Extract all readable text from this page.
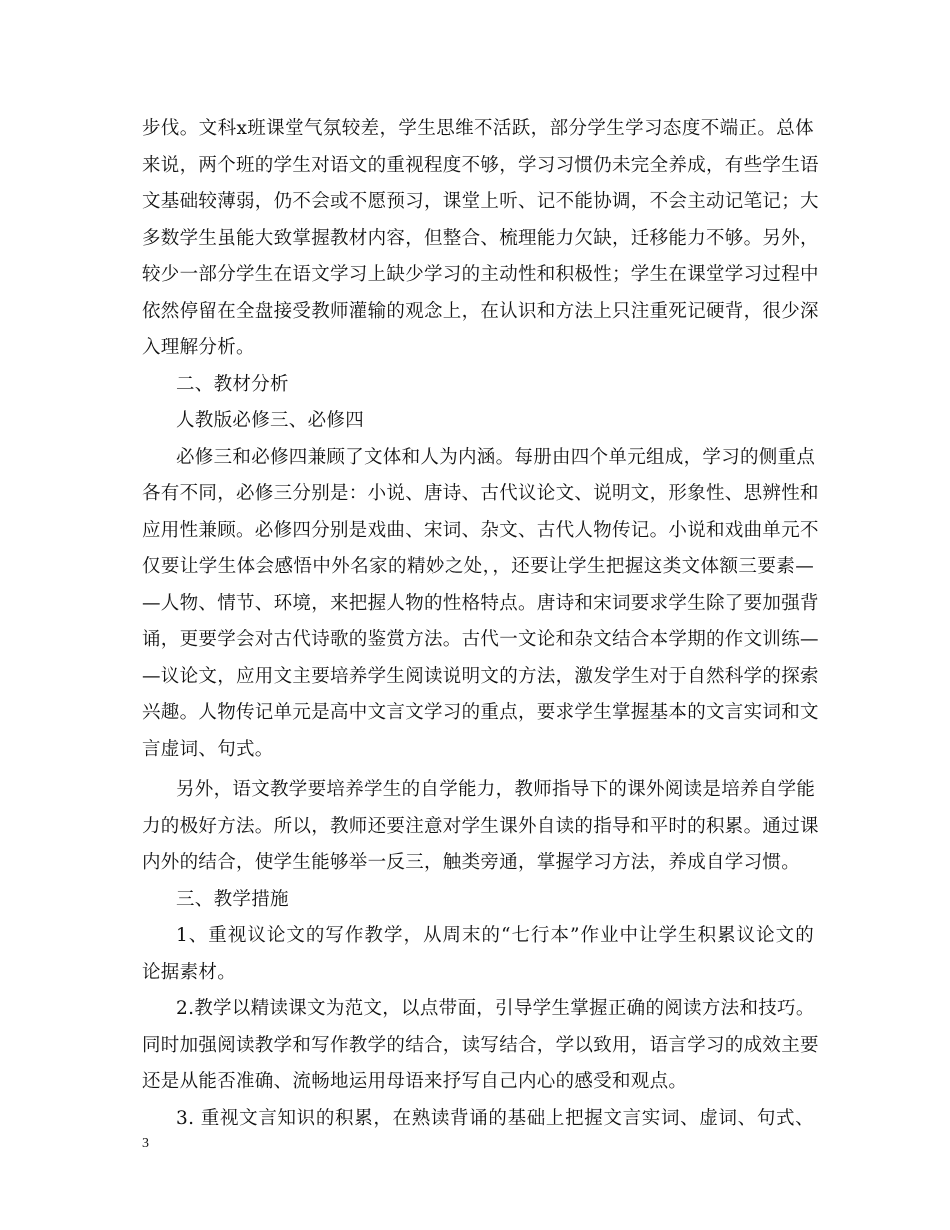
步伐。文科x班课堂气氛较差，学生思维不活跃，部分学生学习态度不端正。总体
来说，两个班的学生对语文的重视程度不够，学习习惯仍未完全养成，有些学生语
文基础较薄弱，仍不会或不愿预习，课堂上听、记不能协调，不会主动记笔记；大
多数学生虽能大致掌握教材内容，但整合、梳理能力欠缺，迁移能力不够。另外，
较少一部分学生在语文学习上缺少学习的主动性和积极性；学生在课堂学习过程中
依然停留在全盘接受教师灌输的观念上，在认识和方法上只注重死记硬背，很少深
入理解分析。
二、教材分析
人教版必修三、必修四
必修三和必修四兼顾了文体和人为内涵。每册由四个单元组成，学习的侧重点
各有不同，必修三分别是：小说、唐诗、古代议论文、说明文，形象性、思辨性和
应用性兼顾。必修四分别是戏曲、宋词、杂文、古代人物传记。小说和戏曲单元不
仅要让学生体会感悟中外名家的精妙之处，，还要让学生把握这类文体额三要素—
—人物、情节、环境，来把握人物的性格特点。唐诗和宋词要求学生除了要加强背
诵，更要学会对古代诗歌的鉴赏方法。古代一文论和杂文结合本学期的作文训练—
—议论文，应用文主要培养学生阅读说明文的方法，激发学生对于自然科学的探索
兴趣。人物传记单元是高中文言文学习的重点，要求学生掌握基本的文言实词和文
言虚词、句式。
另外，语文教学要培养学生的自学能力，教师指导下的课外阅读是培养自学能
力的极好方法。所以，教师还要注意对学生课外自读的指导和平时的积累。通过课
内外的结合，使学生能够举一反三，触类旁通，掌握学习方法，养成自学习惯。
三、教学措施
1、重视议论文的写作教学，从周末的“七行本”作业中让学生积累议论文的
论据素材。
2.教学以精读课文为范文，以点带面，引导学生掌握正确的阅读方法和技巧。
同时加强阅读教学和写作教学的结合，读写结合，学以致用，语言学习的成效主要
还是从能否准确、流畅地运用母语来抒写自己内心的感受和观点。
3. 重视文言知识的积累，在熟读背诵的基础上把握文言实词、虚词、句式、
3
